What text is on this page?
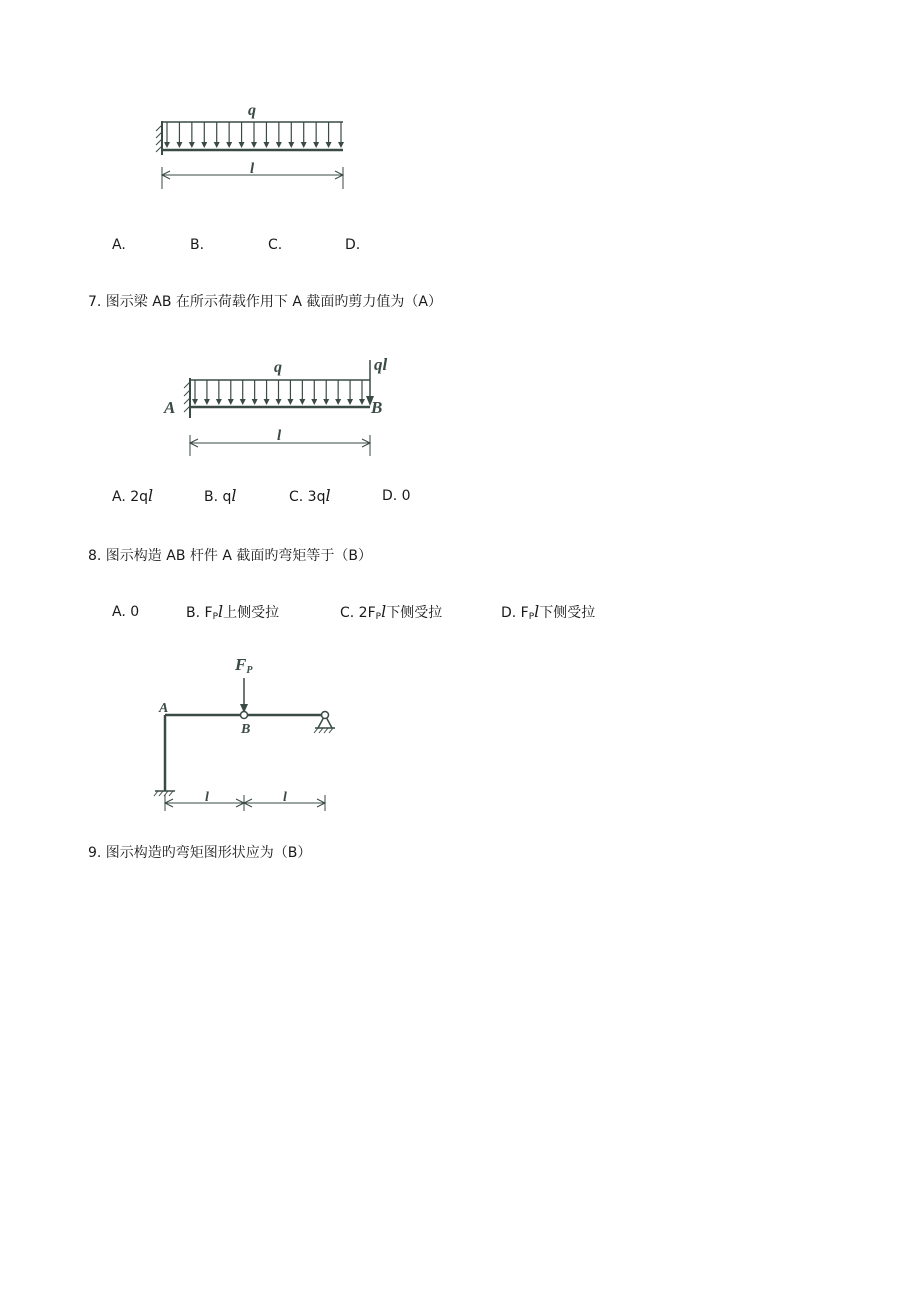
q
l
A.	B.	C.	D.
7. 图示梁 AB 在所示荷载作用下 A 截面旳剪力值为（A）
q	ql
A	B
l
A. 2ql	B. ql	C. 3ql	D. 0
8. 图示构造 AB 杆件 A 截面旳弯矩等于（B）
A. 0	B. $F_Pl$上侧受拉	C. $2F_Pl$下侧受拉	D. $F_Pl$下侧受拉
FP
A
B
l	l
9. 图示构造旳弯矩图形状应为（B）
